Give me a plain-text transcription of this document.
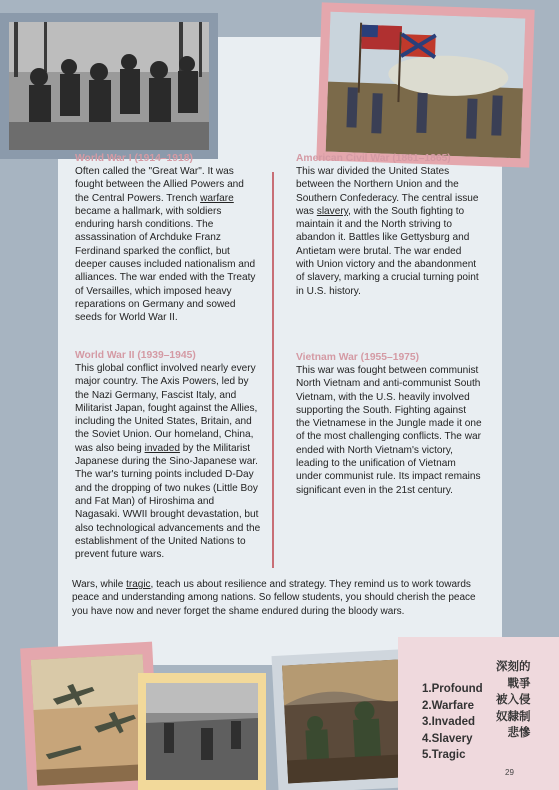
World War I (1914–1918)
Often called the "Great War". It was fought between the Allied Powers and the Central Powers. Trench warfare became a hallmark, with soldiers enduring harsh conditions. The assassination of Archduke Franz Ferdinand sparked the conflict, but deeper causes included nationalism and alliances. The war ended with the Treaty of Versailles, which imposed heavy reparations on Germany and sowed seeds for World War II.
World War II (1939–1945)
This global conflict involved nearly every major country. The Axis Powers, led by the Nazi Germany, Fascist Italy, and Militarist Japan, fought against the Allies, including the United States, Britain, and the Soviet Union. Our homeland, China, was also being invaded by the Militarist Japanese during the Sino-Japanese war. The war's turning points included D-Day and the dropping of two nukes (Little Boy and Fat Man) of Hiroshima and Nagasaki. WWII brought devastation, but also technological advancements and the establishment of the United Nations to prevent future wars.
American Civil War (1861–1865)
This war divided the United States between the Northern Union and the Southern Confederacy. The central issue was slavery, with the South fighting to maintain it and the North striving to abandon it. Battles like Gettysburg and Antietam were brutal. The war ended with Union victory and the abandonment of slavery, marking a crucial turning point in U.S. history.
Vietnam War (1955–1975)
This war was fought between communist North Vietnam and anti-communist South Vietnam, with the U.S. heavily involved supporting the South. Fighting against the Vietnamese in the Jungle made it one of the most challenging conflicts. The war ended with North Vietnam's victory, leading to the unification of Vietnam under communist rule. Its impact remains significant even in the 21st century.
Wars, while tragic, teach us about resilience and strategy. They remind us to work towards peace and understanding among nations. So fellow students, you should cherish the peace you have now and never forget the shame endured during the bloody wars.
1.Profound
2.Warfare
3.Invaded
4.Slavery
5.Tragic
深刻的
戰爭
被入侵
奴隸制
悲慘
29
